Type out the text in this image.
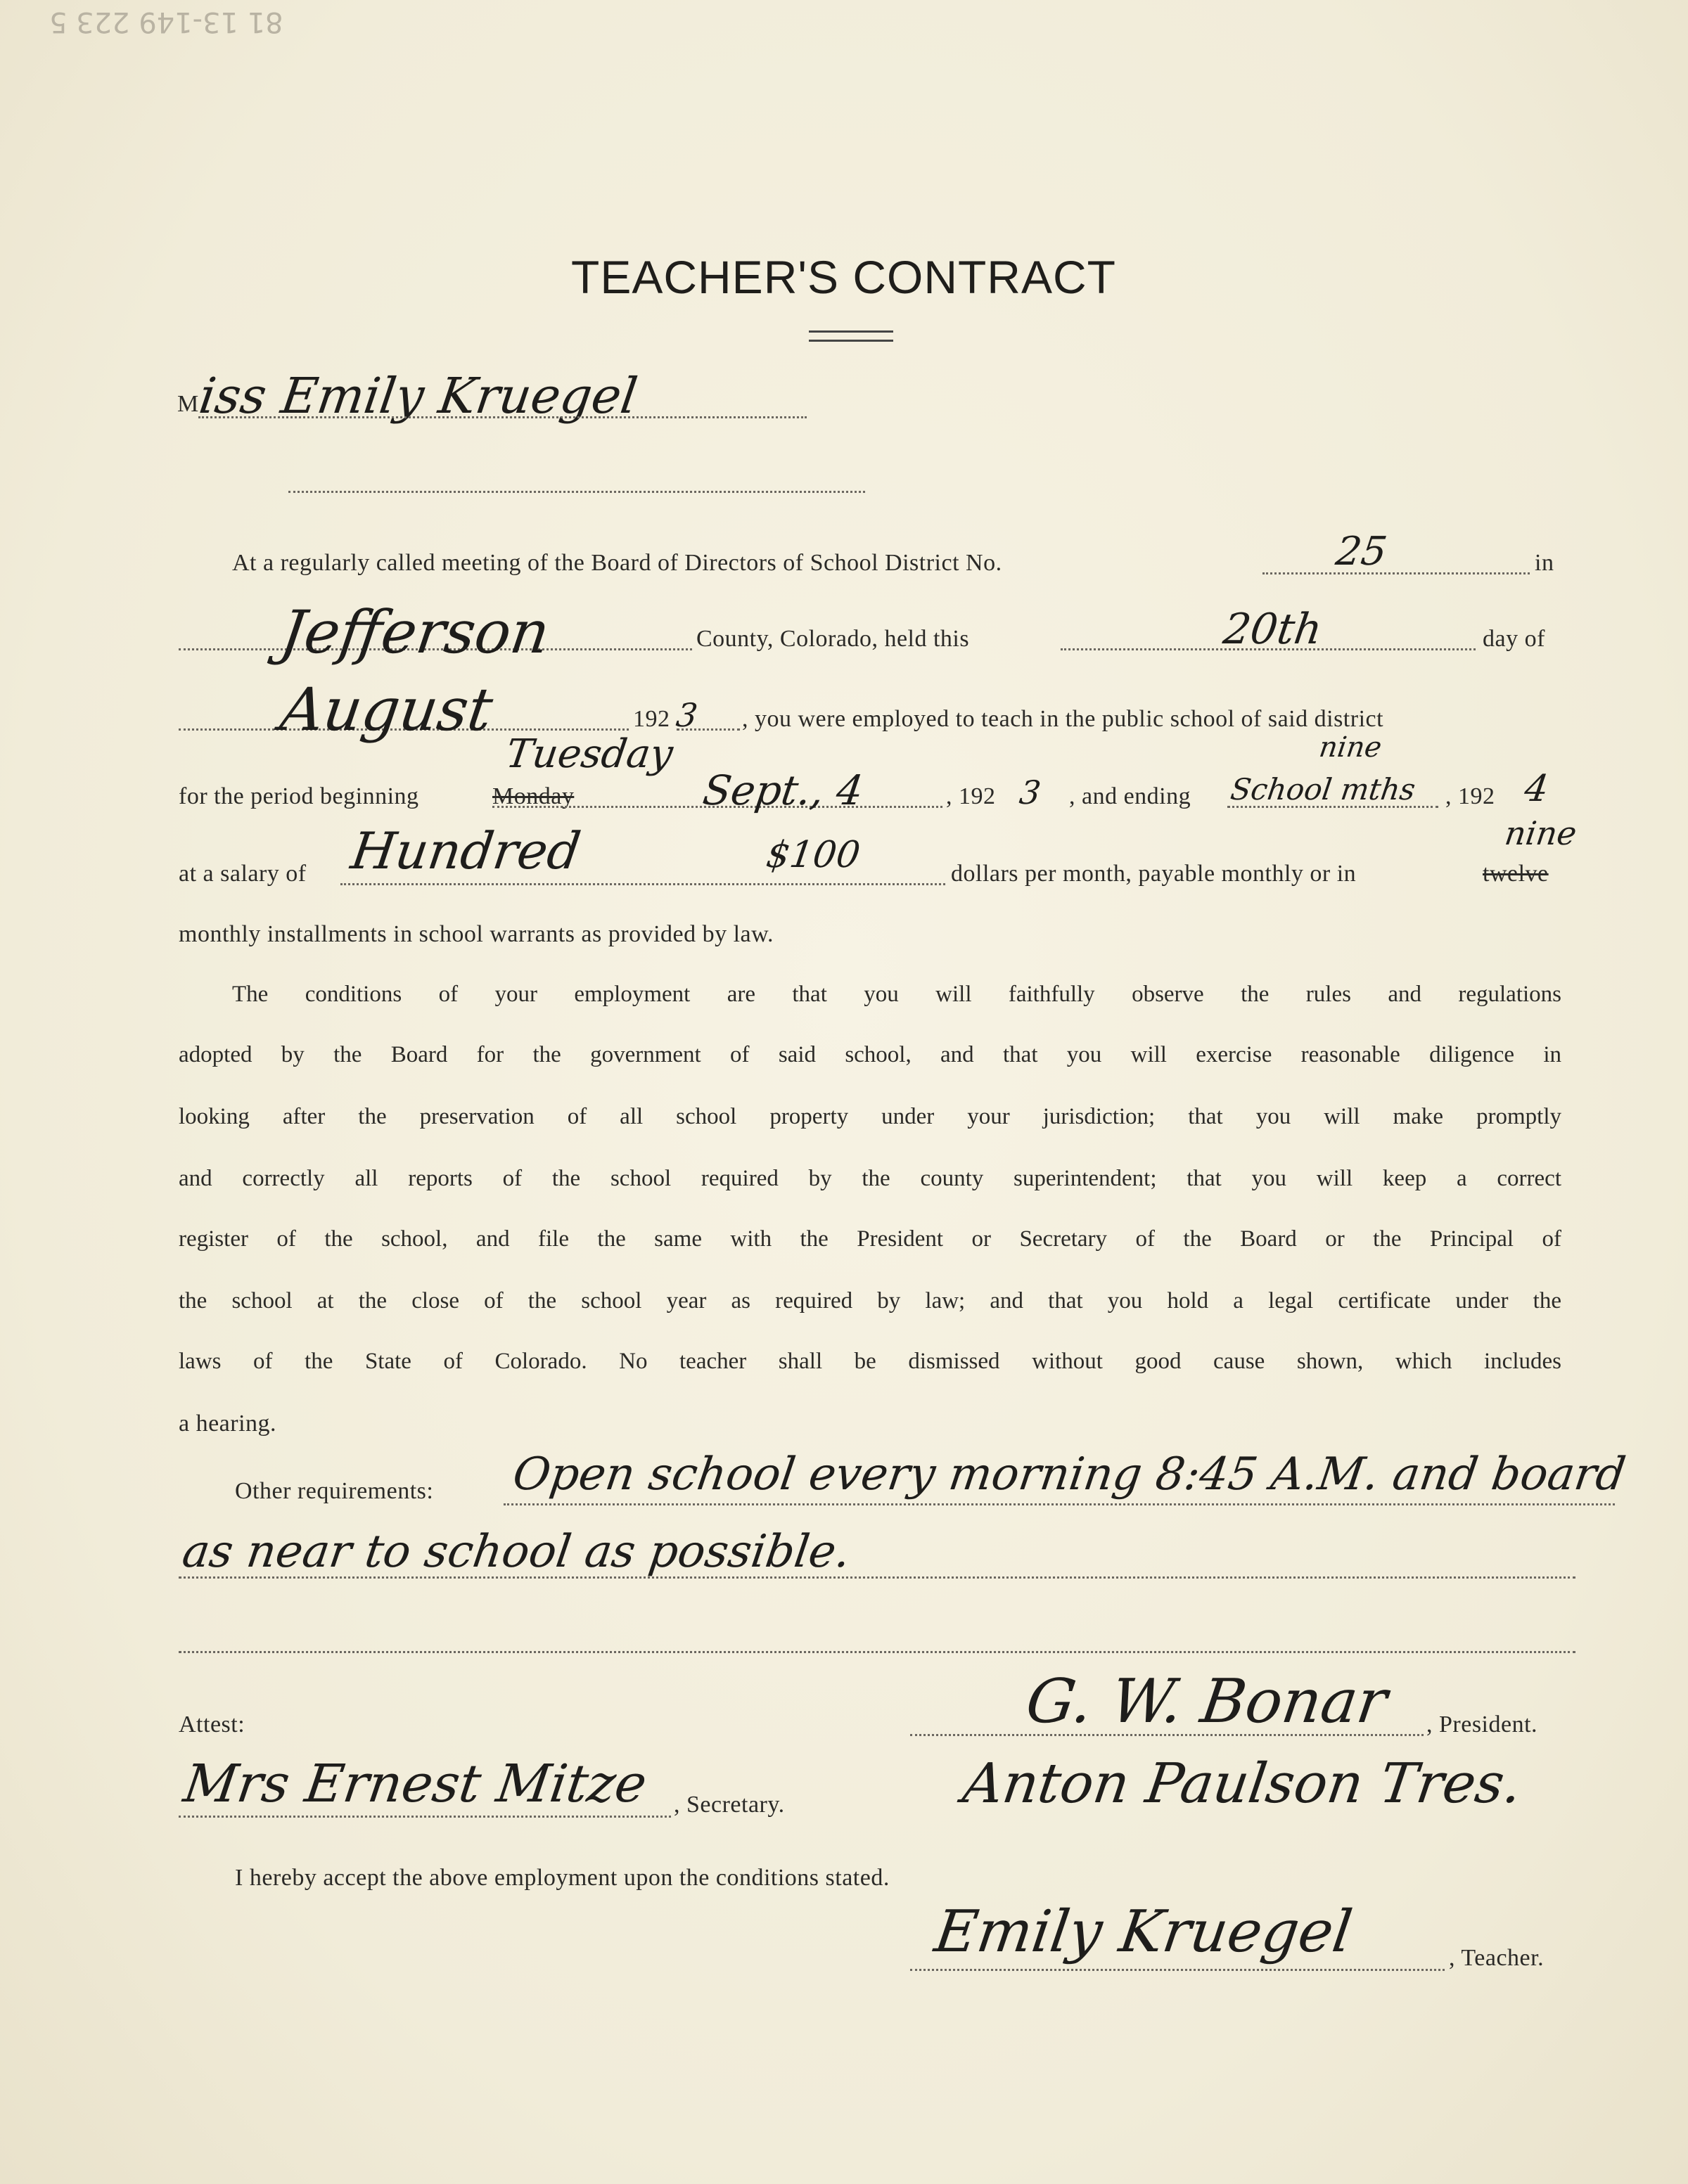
81 13-149 223 5
TEACHER'S CONTRACT
M
iss Emily Kruegel
At a regularly called meeting of the Board of Directors of School District No.	25	in
Jefferson	County, Colorado, held this	20th	day of
August	192 3 , you were employed to teach in the public school of said district
for the period beginning	Monday
Tuesday
Sept., 4	, 192 3 , and ending
nine
School mths , 192 4
at a salary of Hundred	$100	dollars per month, payable monthly or in	twelve
nine
monthly installments in school warrants as provided by law.
The conditions of your employment are that you will faithfully observe the rules and regulations
adopted by the Board for the government of said school, and that you will exercise reasonable diligence in
looking after the preservation of all school property under your jurisdiction; that you will make promptly
and correctly all reports of the school required by the county superintendent; that you will keep a correct
register of the school, and file the same with the President or Secretary of the Board or the Principal of
the school at the close of the school year as required by law; and that you hold a legal certificate under the
laws of the State of Colorado. No teacher shall be dismissed without good cause shown, which includes
a hearing.
Other requirements: Open school every morning 8:45 A.M. and board
as near to school as possible.
Attest:	G. W. Bonar , President.
Mrs Ernest Mitze , Secretary.	Anton Paulson Tres.
I hereby accept the above employment upon the conditions stated.
Emily Kruegel	, Teacher.
